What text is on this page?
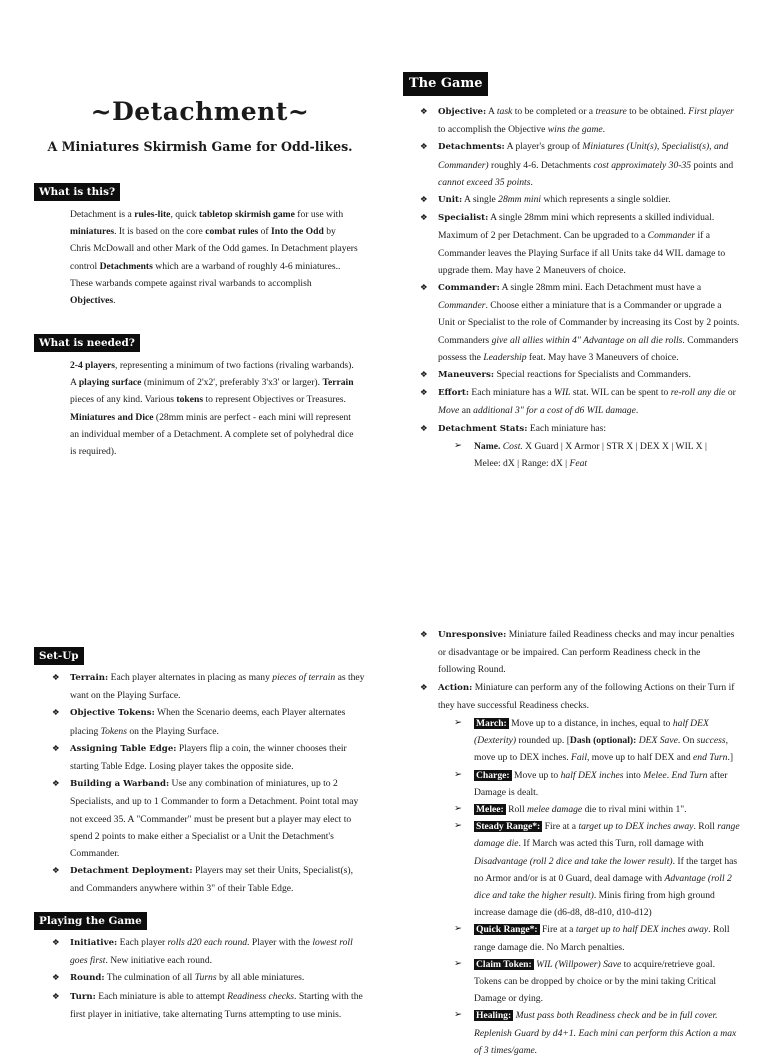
~Detachment~
A Miniatures Skirmish Game for Odd-likes.
What is this?
Detachment is a rules-lite, quick tabletop skirmish game for use with miniatures. It is based on the core combat rules of Into the Odd by Chris McDowall and other Mark of the Odd games. In Detachment players control Detachments which are a warband of roughly 4-6 miniatures.. These warbands compete against rival warbands to accomplish Objectives.
What is needed?
2-4 players, representing a minimum of two factions (rivaling warbands). A playing surface (minimum of 2'x2', preferably 3'x3' or larger). Terrain pieces of any kind. Various tokens to represent Objectives or Treasures. Miniatures and Dice (28mm minis are perfect - each mini will represent an individual member of a Detachment. A complete set of polyhedral dice is required).
The Game
❖ Objective: A task to be completed or a treasure to be obtained. First player to accomplish the Objective wins the game.
❖ Detachments: A player's group of Miniatures (Unit(s), Specialist(s), and Commander) roughly 4-6. Detachments cost approximately 30-35 points and cannot exceed 35 points.
❖ Unit: A single 28mm mini which represents a single soldier.
❖ Specialist: A single 28mm mini which represents a skilled individual. Maximum of 2 per Detachment. Can be upgraded to a Commander if a Commander leaves the Playing Surface if all Units take d4 WIL damage to upgrade them. May have 2 Maneuvers of choice.
❖ Commander: A single 28mm mini. Each Detachment must have a Commander. Choose either a miniature that is a Commander or upgrade a Unit or Specialist to the role of Commander by increasing its Cost by 2 points. Commanders give all allies within 4" Advantage on all die rolls. Commanders possess the Leadership feat. May have 3 Maneuvers of choice.
❖ Maneuvers: Special reactions for Specialists and Commanders.
❖ Effort: Each miniature has a WIL stat. WIL can be spent to re-roll any die or Move an additional 3" for a cost of d6 WIL damage.
❖ Detachment Stats: Each miniature has:
➢ Name. Cost. X Guard | X Armor | STR X | DEX X | WIL X | Melee: dX | Range: dX | Feat
Set-Up
❖ Terrain: Each player alternates in placing as many pieces of terrain as they want on the Playing Surface.
❖ Objective Tokens: When the Scenario deems, each Player alternates placing Tokens on the Playing Surface.
❖ Assigning Table Edge: Players flip a coin, the winner chooses their starting Table Edge. Losing player takes the opposite side.
❖ Building a Warband: Use any combination of miniatures, up to 2 Specialists, and up to 1 Commander to form a Detachment. Point total may not exceed 35. A "Commander" must be present but a player may elect to spend 2 points to make either a Specialist or a Unit the Detachment's Commander.
❖ Detachment Deployment: Players may set their Units, Specialist(s), and Commanders anywhere within 3" of their Table Edge.
Playing the Game
❖ Initiative: Each player rolls d20 each round. Player with the lowest roll goes first. New initiative each round.
❖ Round: The culmination of all Turns by all able miniatures.
❖ Turn: Each miniature is able to attempt Readiness checks. Starting with the first player in initiative, take alternating Turns attempting to use minis.
❖ Unresponsive: Miniature failed Readiness checks and may incur penalties or disadvantage or be impaired. Can perform Readiness check in the following Round.
❖ Action: Miniature can perform any of the following Actions on their Turn if they have successful Readiness checks.
➢ March: Move up to a distance, in inches, equal to half DEX (Dexterity) rounded up. [Dash (optional): DEX Save. On success, move up to DEX inches. Fail, move up to half DEX and end Turn.]
➢ Charge: Move up to half DEX inches into Melee. End Turn after Damage is dealt.
➢ Melee: Roll melee damage die to rival mini within 1".
➢ Steady Range*: Fire at a target up to DEX inches away. Roll range damage die. If March was acted this Turn, roll damage with Disadvantage (roll 2 dice and take the lower result). If the target has no Armor and/or is at 0 Guard, deal damage with Advantage (roll 2 dice and take the higher result). Minis firing from high ground increase damage die (d6-d8, d8-d10, d10-d12)
➢ Quick Range*: Fire at a target up to half DEX inches away. Roll range damage die. No March penalties.
➢ Claim Token: WIL (Willpower) Save to acquire/retrieve goal. Tokens can be dropped by choice or by the mini taking Critical Damage or dying.
➢ Healing: Must pass both Readiness check and be in full cover. Replenish Guard by d4+1. Each mini can perform this Action a max of 3 times/game.
